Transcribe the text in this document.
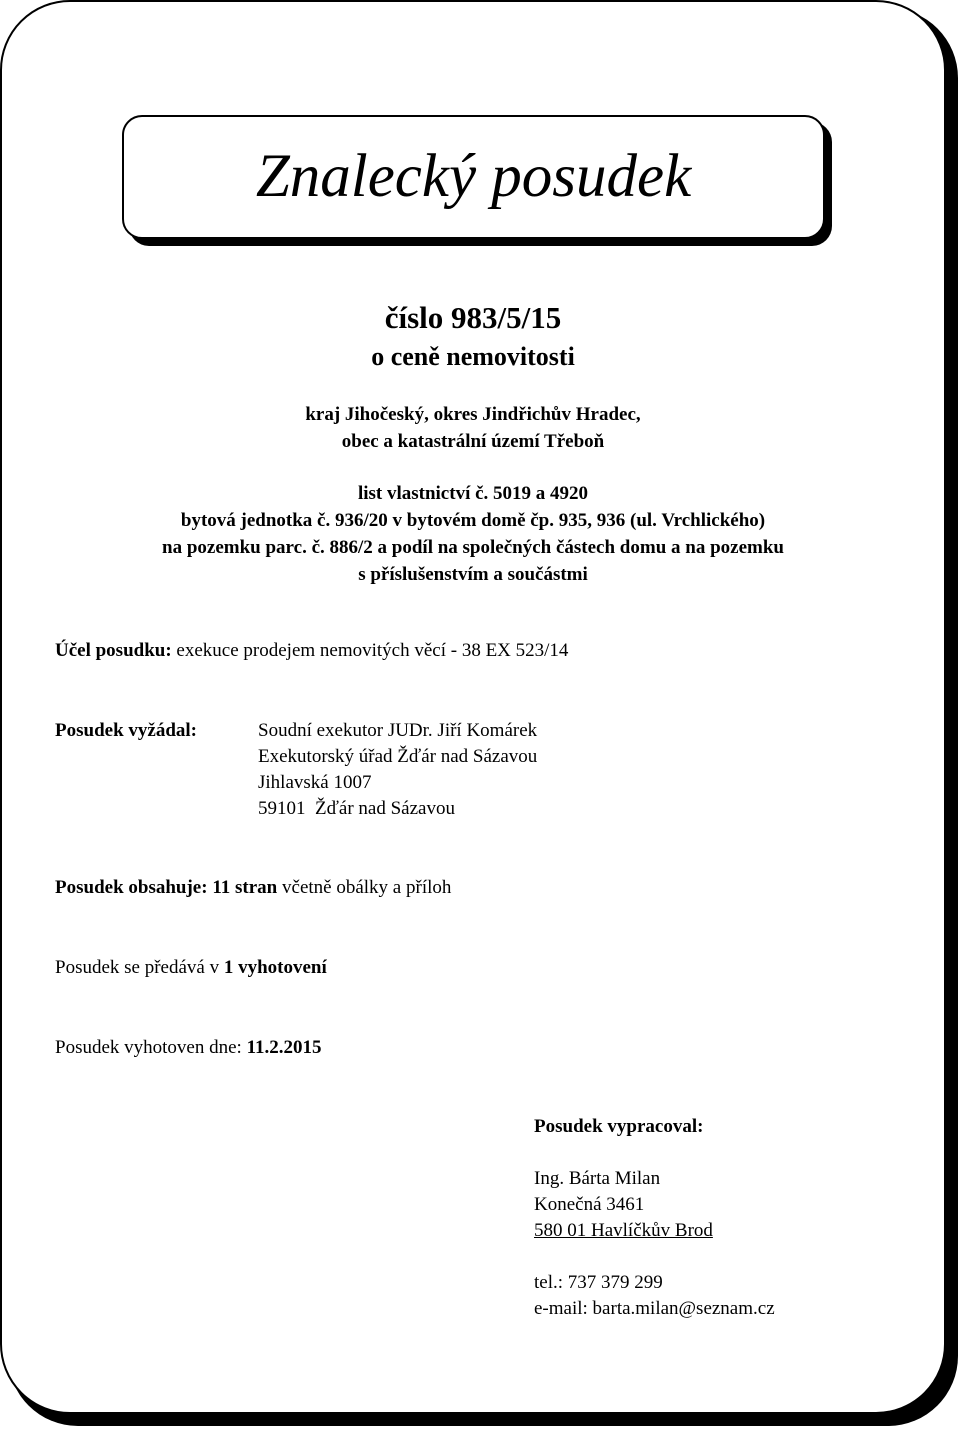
Znalecký posudek
číslo 983/5/15
o ceně nemovitosti
kraj Jihočeský, okres Jindřichův Hradec,
obec a katastrální území Třeboň
list vlastnictví č. 5019 a 4920
bytová jednotka č. 936/20 v bytovém domě čp. 935, 936 (ul. Vrchlického)
na pozemku parc. č. 886/2 a podíl na společných částech domu a na pozemku
s příslušenstvím a součástmi
Účel posudku: exekuce prodejem nemovitých věcí - 38 EX 523/14
Posudek vyžádal:	Soudní exekutor JUDr. Jiří Komárek
Exekutorský úřad Žďár nad Sázavou
Jihlavská 1007
59101  Žďár nad Sázavou
Posudek obsahuje: 11 stran včetně obálky a příloh
Posudek se předává v 1 vyhotovení
Posudek vyhotoven dne: 11.2.2015
Posudek vypracoval:
Ing. Bárta Milan
Konečná 3461
580 01 Havlíčkův Brod
tel.: 737 379 299
e-mail: barta.milan@seznam.cz
